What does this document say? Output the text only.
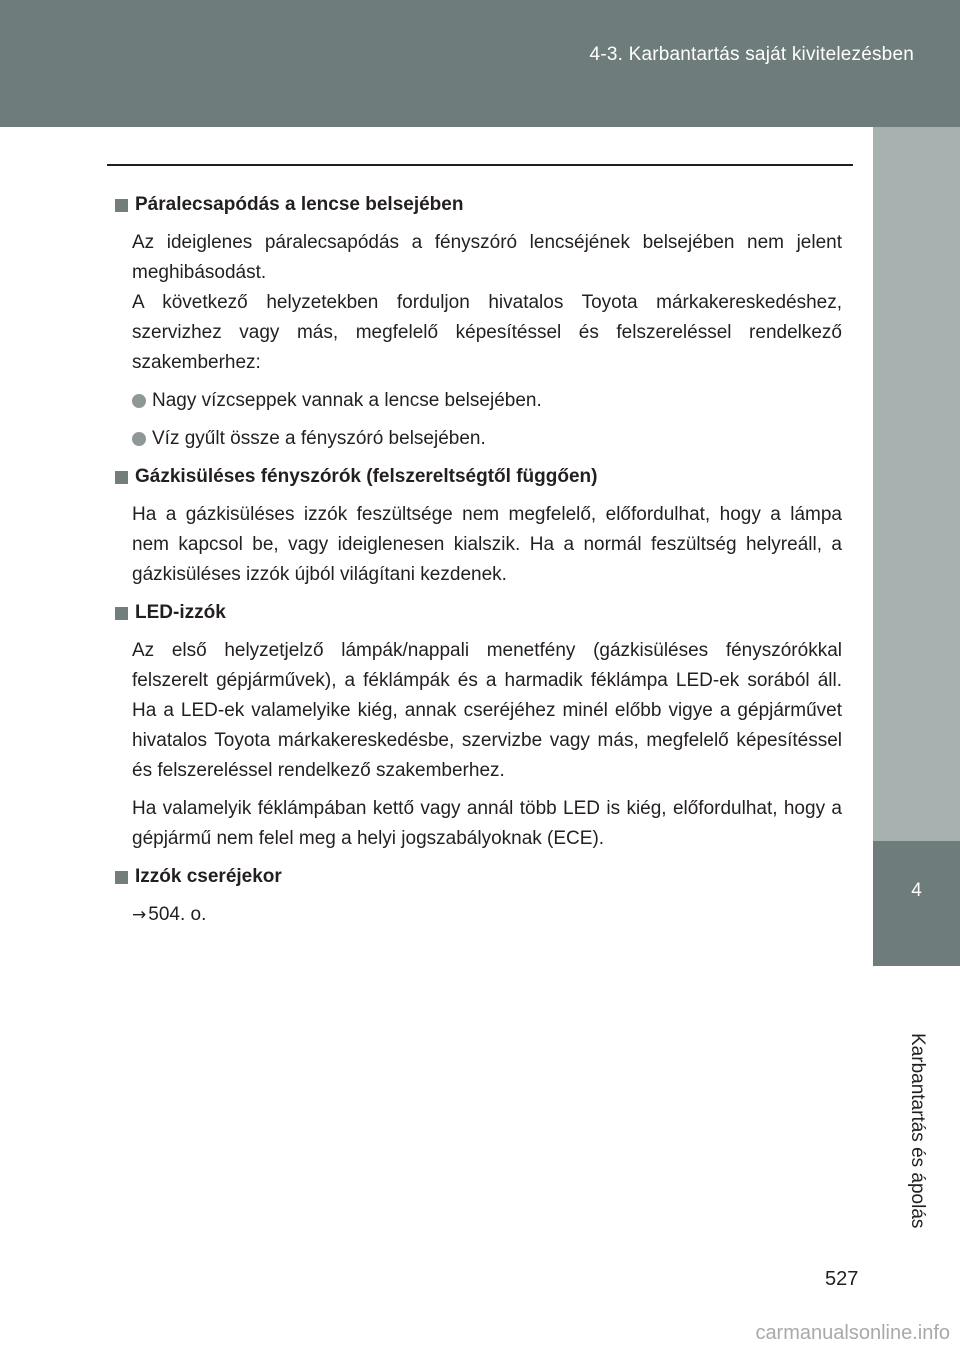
4-3. Karbantartás saját kivitelezésben
4
Karbantartás és ápolás
Páralecsapódás a lencse belsejében

Az ideiglenes páralecsapódás a fényszóró lencséjének belsejében nem jelent meghibásodást.

A következő helyzetekben forduljon hivatalos Toyota márkakereskedéshez, szervizhez vagy más, megfelelő képesítéssel és felszereléssel rendelkező szakemberhez:

Nagy vízcseppek vannak a lencse belsejében.
Víz gyűlt össze a fényszóró belsejében.
Gázkisüléses fényszórók (felszereltségtől függően)

Ha a gázkisüléses izzók feszültsége nem megfelelő, előfordulhat, hogy a lámpa nem kapcsol be, vagy ideiglenesen kialszik. Ha a normál feszültség helyreáll, a gázkisüléses izzók újból világítani kezdenek.

LED-izzók

Az első helyzetjelző lámpák/nappali menetfény (gázkisüléses fényszórókkal felszerelt gépjárművek), a féklámpák és a harmadik féklámpa LED-ek sorából áll. Ha a LED-ek valamelyike kiég, annak cseréjéhez minél előbb vigye a gépjárművet hivatalos Toyota márkakereskedésbe, szervizbe vagy más, megfelelő képesítéssel és felszereléssel rendelkező szakemberhez.

Ha valamelyik féklámpában kettő vagy annál több LED is kiég, előfordulhat, hogy a gépjármű nem felel meg a helyi jogszabályoknak (ECE).

Izzók cseréjekor

→ 504. o.

527
carmanualsonline.info
